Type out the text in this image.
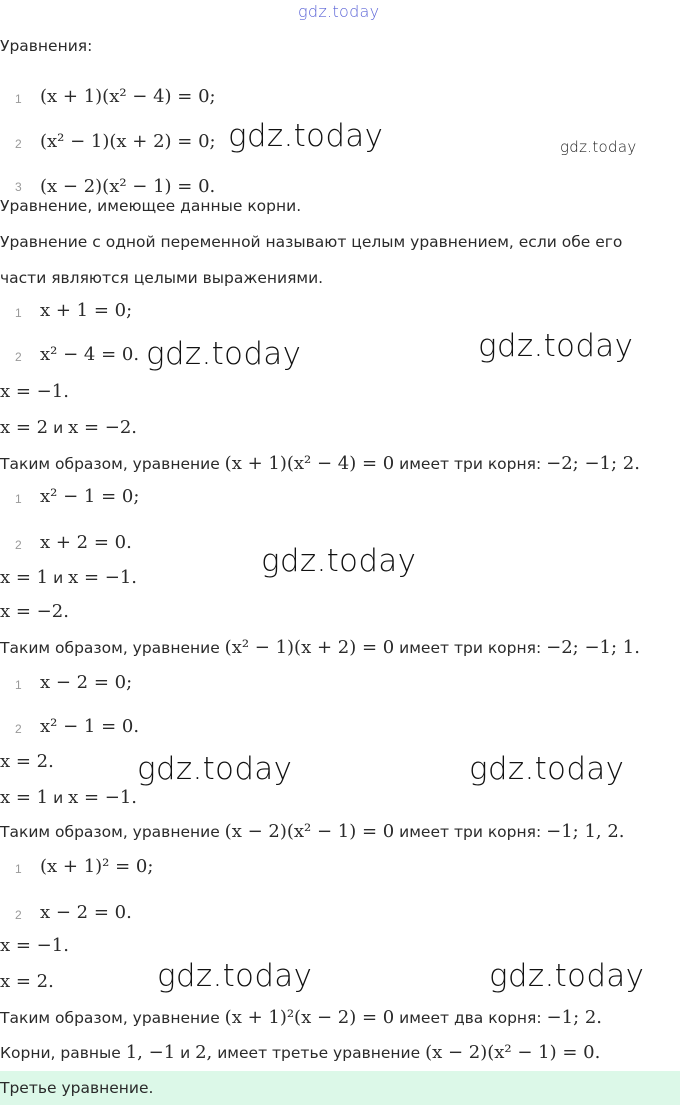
gdz.today
Уравнения:
1 (x + 1)(x² − 4) = 0;
2 (x² − 1)(x + 2) = 0;
3 (x − 2)(x² − 1) = 0.
gdz.today	gdz.today
Уравнение, имеющее данные корни.
Уравнение с одной переменной называют целым уравнением, если обе его
части являются целыми выражениями.
1 x + 1 = 0;
2 x² − 4 = 0. gdz.today	gdz.today
x = −1.
x = 2 и x = −2.
Таким образом, уравнение (x + 1)(x² − 4) = 0 имеет три корня: −2; −1; 2.
1 x² − 1 = 0;
2 x + 2 = 0.
gdz.today
x = 1 и x = −1.
x = −2.
Таким образом, уравнение (x² − 1)(x + 2) = 0 имеет три корня: −2; −1; 1.
1 x − 2 = 0;
2 x² − 1 = 0.
x = 2.	gdz.today	gdz.today
x = 1 и x = −1.
Таким образом, уравнение (x − 2)(x² − 1) = 0 имеет три корня: −1; 1, 2.
1 (x + 1)² = 0;
2 x − 2 = 0.
x = −1.
x = 2.	gdz.today	gdz.today
Таким образом, уравнение (x + 1)²(x − 2) = 0 имеет два корня: −1; 2.
Корни, равные 1, −1 и 2, имеет третье уравнение (x − 2)(x² − 1) = 0.
Третье уравнение.
